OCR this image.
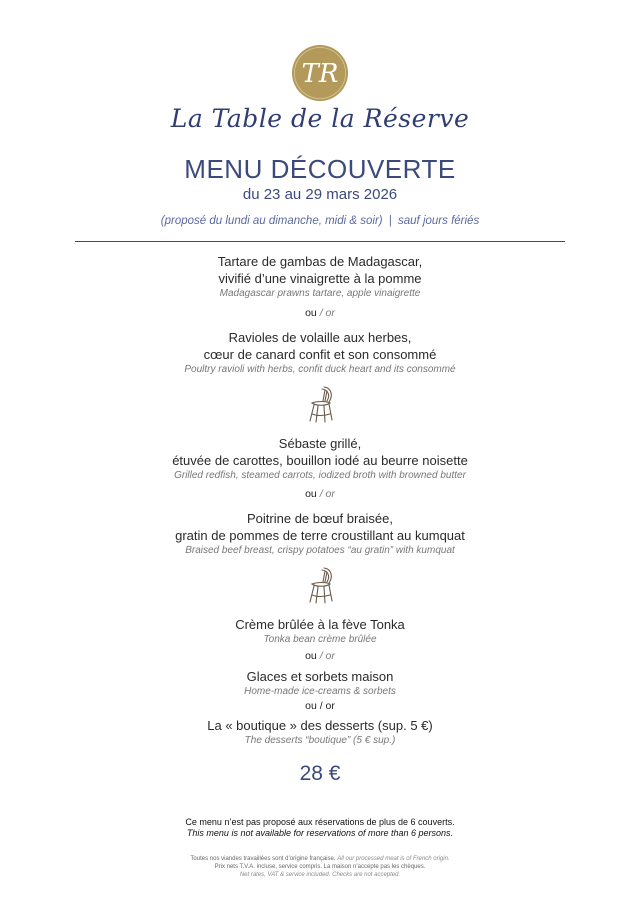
TR
La Table de la Réserve
MENU DÉCOUVERTE
du 23 au 29 mars 2026
(proposé du lundi au dimanche, midi & soir) | sauf jours fériés
Tartare de gambas de Madagascar,
vivifié d’une vinaigrette à la pomme
Madagascar prawns tartare, apple vinaigrette
ou / or
Ravioles de volaille aux herbes,
cœur de canard confit et son consommé
Poultry ravioli with herbs, confit duck heart and its consommé
Sébaste grillé,
étuvée de carottes, bouillon iodé au beurre noisette
Grilled redfish, steamed carrots, iodized broth with browned butter
ou / or
Poitrine de bœuf braisée,
gratin de pommes de terre croustillant au kumquat
Braised beef breast, crispy potatoes “au gratin” with kumquat
Crème brûlée à la fève Tonka
Tonka bean crème brûlée
ou / or
Glaces et sorbets maison
Home-made ice-creams & sorbets
ou / or
La « boutique » des desserts (sup. 5 €)
The desserts “boutique” (5 € sup.)
28 €
Ce menu n’est pas proposé aux réservations de plus de 6 couverts.
This menu is not available for reservations of more than 6 persons.
Toutes nos viandes travaillées sont d’origine française. All our processed meat is of French origin.
Prix nets T.V.A. incluse, service compris. La maison n’accepte pas les chèques.
Net rates, VAT & service included. Checks are not accepted.
